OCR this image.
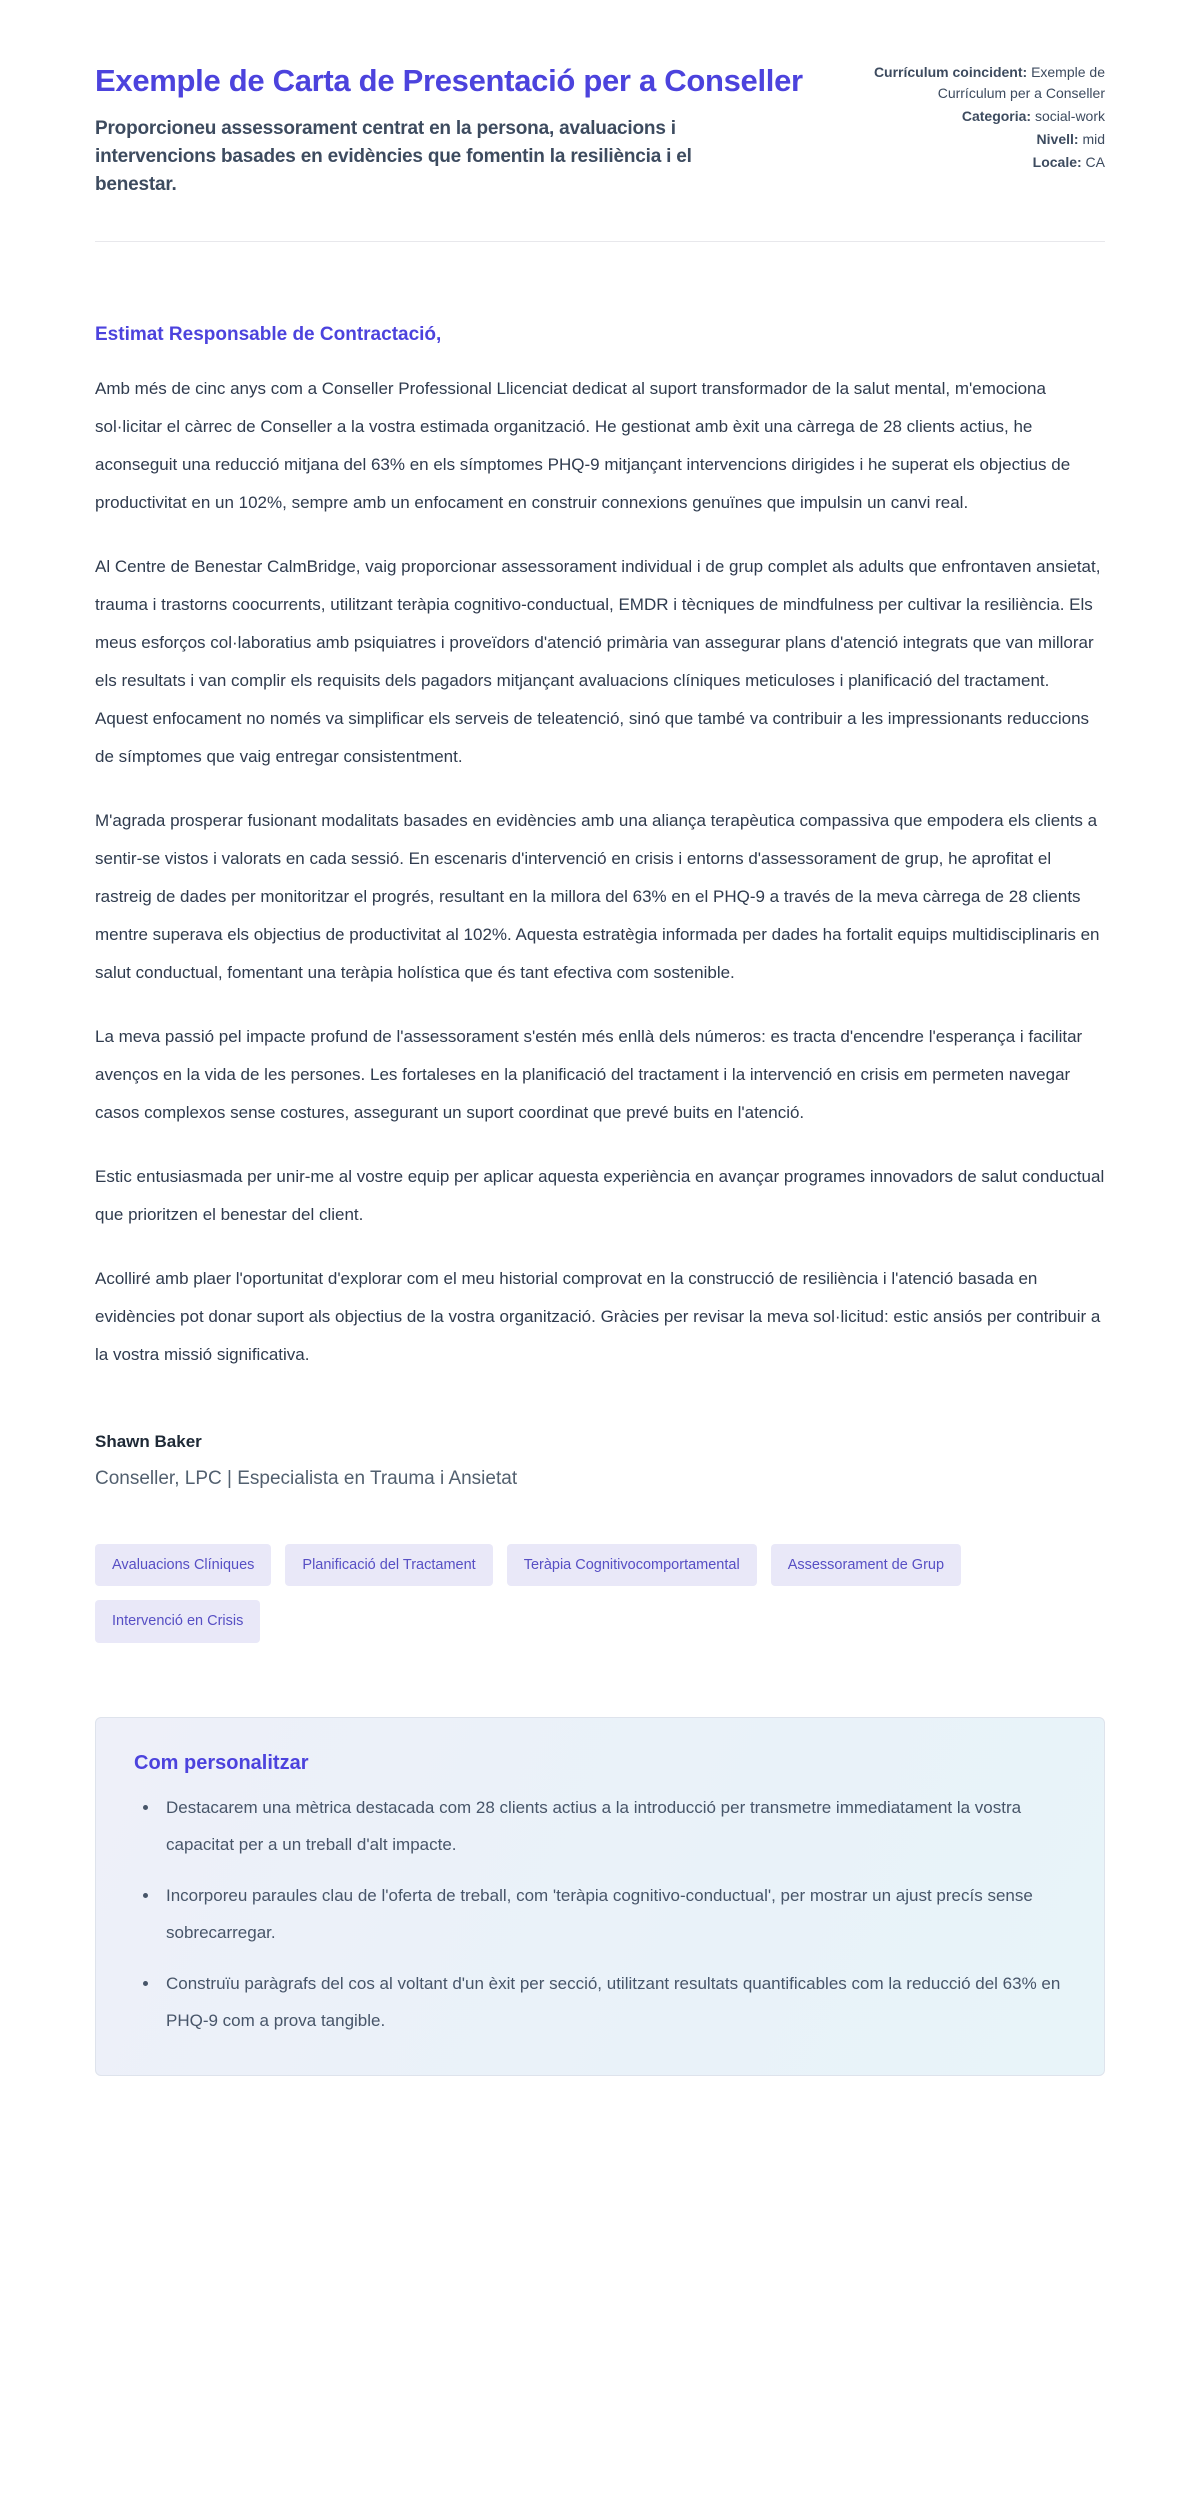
Exemple de Carta de Presentació per a Conseller

Proporcioneu assessorament centrat en la persona, avaluacions i intervencions basades en evidències que fomentin la resiliència i el benestar.

Currículum coincident: Exemple de Currículum per a Conseller
Categoria: social-work
Nivell: mid
Locale: CA

Estimat Responsable de Contractació,

Amb més de cinc anys com a Conseller Professional Llicenciat dedicat al suport transformador de la salut mental, m'emociona sol·licitar el càrrec de Conseller a la vostra estimada organització. He gestionat amb èxit una càrrega de 28 clients actius, he aconseguit una reducció mitjana del 63% en els símptomes PHQ-9 mitjançant intervencions dirigides i he superat els objectius de productivitat en un 102%, sempre amb un enfocament en construir connexions genuïnes que impulsin un canvi real.

Al Centre de Benestar CalmBridge, vaig proporcionar assessorament individual i de grup complet als adults que enfrontaven ansietat, trauma i trastorns coocurrents, utilitzant teràpia cognitivo-conductual, EMDR i tècniques de mindfulness per cultivar la resiliència. Els meus esforços col·laboratius amb psiquiatres i proveïdors d'atenció primària van assegurar plans d'atenció integrats que van millorar els resultats i van complir els requisits dels pagadors mitjançant avaluacions clíniques meticuloses i planificació del tractament. Aquest enfocament no només va simplificar els serveis de teleatenció, sinó que també va contribuir a les impressionants reduccions de símptomes que vaig entregar consistentment.

M'agrada prosperar fusionant modalitats basades en evidències amb una aliança terapèutica compassiva que empodera els clients a sentir-se vistos i valorats en cada sessió. En escenaris d'intervenció en crisis i entorns d'assessorament de grup, he aprofitat el rastreig de dades per monitoritzar el progrés, resultant en la millora del 63% en el PHQ-9 a través de la meva càrrega de 28 clients mentre superava els objectius de productivitat al 102%. Aquesta estratègia informada per dades ha fortalit equips multidisciplinaris en salut conductual, fomentant una teràpia holística que és tant efectiva com sostenible.

La meva passió pel impacte profund de l'assessorament s'estén més enllà dels números: es tracta d'encendre l'esperança i facilitar avenços en la vida de les persones. Les fortaleses en la planificació del tractament i la intervenció en crisis em permeten navegar casos complexos sense costures, assegurant un suport coordinat que prevé buits en l'atenció.

Estic entusiasmada per unir-me al vostre equip per aplicar aquesta experiència en avançar programes innovadors de salut conductual que prioritzen el benestar del client.

Acolliré amb plaer l'oportunitat d'explorar com el meu historial comprovat en la construcció de resiliència i l'atenció basada en evidències pot donar suport als objectius de la vostra organització. Gràcies per revisar la meva sol·licitud: estic ansiós per contribuir a la vostra missió significativa.

Shawn Baker

Conseller, LPC | Especialista en Trauma i Ansietat

Avaluacions Clíniques	Planificació del Tractament	Teràpia Cognitivocomportamental	Assessorament de Grup
Intervenció en Crisis
Com personalitzar
• Destacarem una mètrica destacada com 28 clients actius a la introducció per transmetre immediatament la vostra capacitat per a un treball d'alt impacte.
• Incorporeu paraules clau de l'oferta de treball, com 'teràpia cognitivo-conductual', per mostrar un ajust precís sense sobrecarregar.
• Construïu paràgrafs del cos al voltant d'un èxit per secció, utilitzant resultats quantificables com la reducció del 63% en PHQ-9 com a prova tangible.
